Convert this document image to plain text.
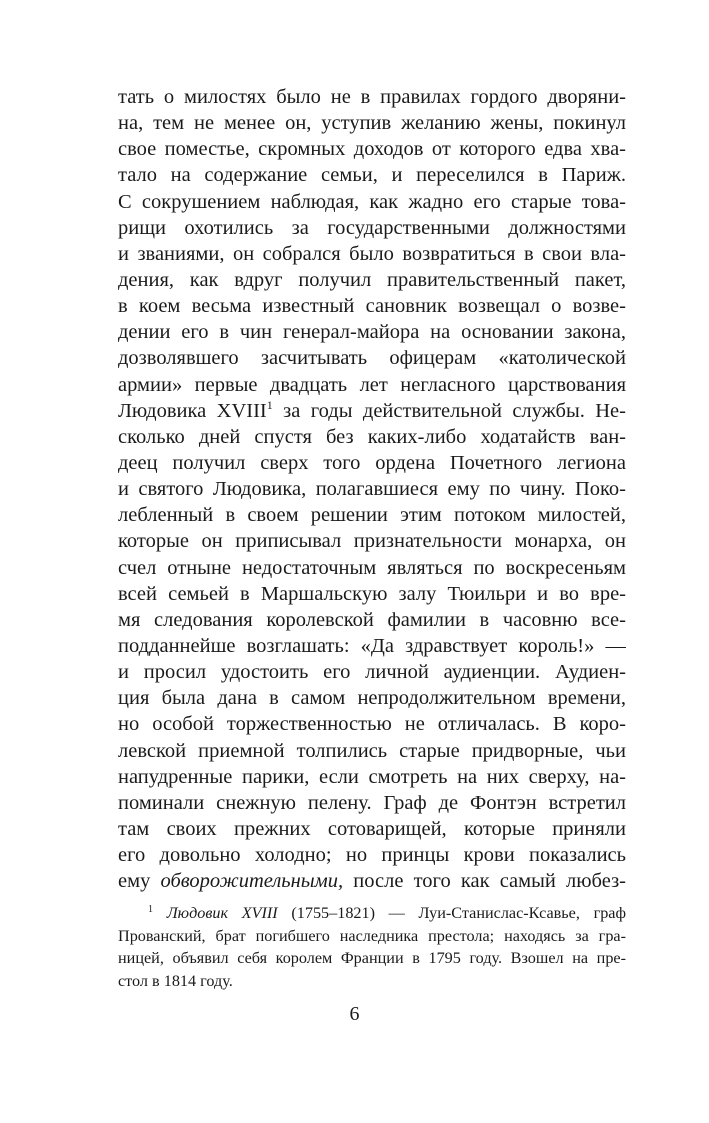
тать о милостях было не в правилах гордого дворяни-
на, тем не менее он, уступив желанию жены, покинул
свое поместье, скромных доходов от которого едва хва-
тало на содержание семьи, и переселился в Париж.
С сокрушением наблюдая, как жадно его старые това-
рищи охотились за государственными должностями
и званиями, он собрался было возвратиться в свои вла-
дения, как вдруг получил правительственный пакет,
в коем весьма известный сановник возвещал о возве-
дении его в чин генерал-майора на основании закона,
дозволявшего засчитывать офицерам «католической
армии» первые двадцать лет негласного царствования
Людовика XVIII$^1$ за годы действительной службы. Не-
сколько дней спустя без каких-либо ходатайств ван-
деец получил сверх того ордена Почетного легиона
и святого Людовика, полагавшиеся ему по чину. Поко-
лебленный в своем решении этим потоком милостей,
которые он приписывал признательности монарха, он
счел отныне недостаточным являться по воскресеньям
всей семьей в Маршальскую залу Тюильри и во вре-
мя следования королевской фамилии в часовню все-
подданнейше возглашать: «Да здравствует король!» —
и просил удостоить его личной аудиенции. Аудиен-
ция была дана в самом непродолжительном времени,
но особой торжественностью не отличалась. В коро-
левской приемной толпились старые придворные, чьи
напудренные парики, если смотреть на них сверху, на-
поминали снежную пелену. Граф де Фонтэн встретил
там своих прежних сотоварищей, которые приняли
его довольно холодно; но принцы крови показались
ему обворожительными, после того как самый любез-
$^1$ Людовик XVIII (1755–1821) — Луи-Станислас-Ксавье, граф
Прованский, брат погибшего наследника престола; находясь за гра-
ницей, объявил себя королем Франции в 1795 году. Взошел на пре-
стол в 1814 году.
6
